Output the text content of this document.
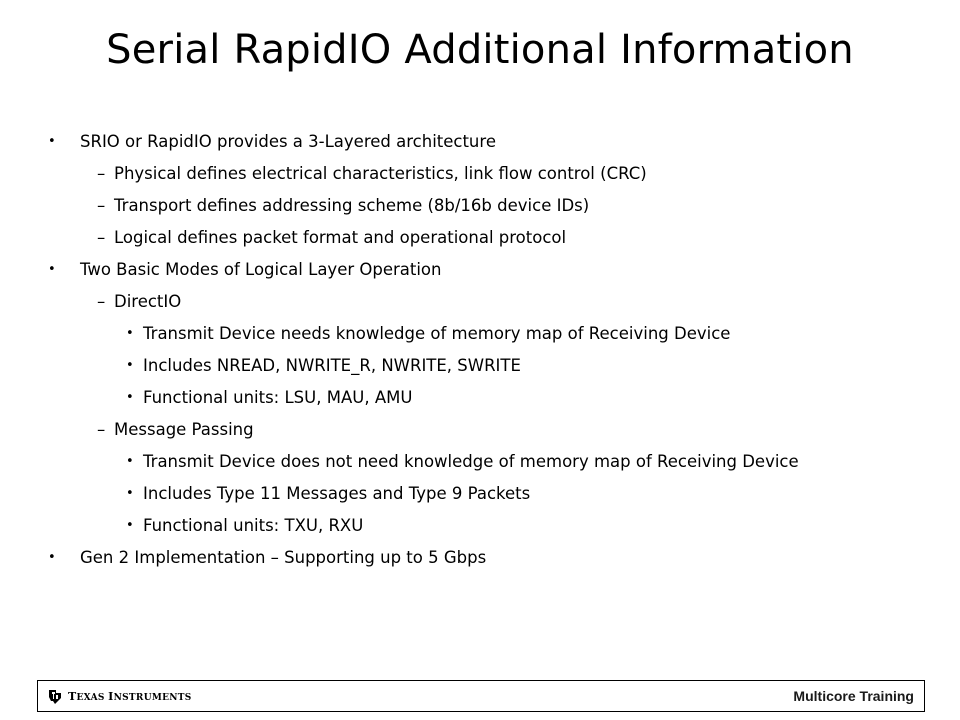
Serial RapidIO Additional Information
• SRIO or RapidIO provides a 3-Layered architecture
– Physical defines electrical characteristics, link flow control (CRC)
– Transport defines addressing scheme (8b/16b device IDs)
– Logical defines packet format and operational protocol
• Two Basic Modes of Logical Layer Operation
– DirectIO
• Transmit Device needs knowledge of memory map of Receiving Device
• Includes NREAD, NWRITE_R, NWRITE, SWRITE
• Functional units: LSU, MAU, AMU
– Message Passing
• Transmit Device does not need knowledge of memory map of Receiving Device
• Includes Type 11 Messages and Type 9 Packets
• Functional units: TXU, RXU
• Gen 2 Implementation – Supporting up to 5 Gbps
TEXAS INSTRUMENTS	Multicore Training
